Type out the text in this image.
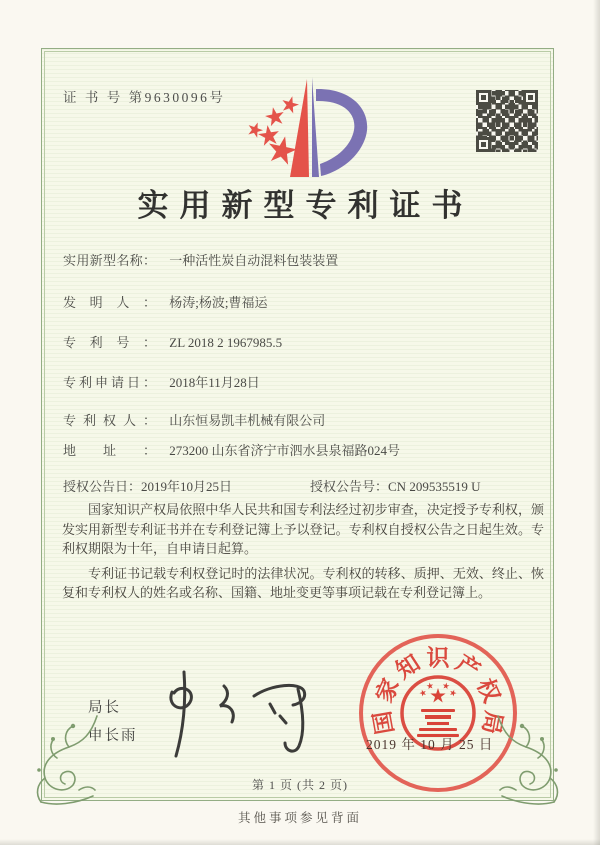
证 书 号 第9630096号
实用新型专利证书
实用新型名称： 一种活性炭自动混料包装装置
发明人： 杨涛;杨波;曹福运
专利号： ZL 2018 2 1967985.5
专利申请日： 2018年11月28日
专利权人： 山东恒易凯丰机械有限公司
地址： 273200 山东省济宁市泗水县泉福路024号
授权公告日：2019年10月25日	授权公告号：CN 209535519 U

国家知识产权局依照中华人民共和国专利法经过初步审查，决定授予专利权，颁发实用新型专利证书并在专利登记簿上予以登记。专利权自授权公告之日起生效。专利权期限为十年，自申请日起算。

专利证书记载专利权登记时的法律状况。专利权的转移、质押、无效、终止、恢复和专利权人的姓名或名称、国籍、地址变更等事项记载在专利登记簿上。

局长
申长雨	国
家
知 识 产
权
局
2019 年 10 月 25 日
第 1 页 (共 2 页)
其他事项参见背面
